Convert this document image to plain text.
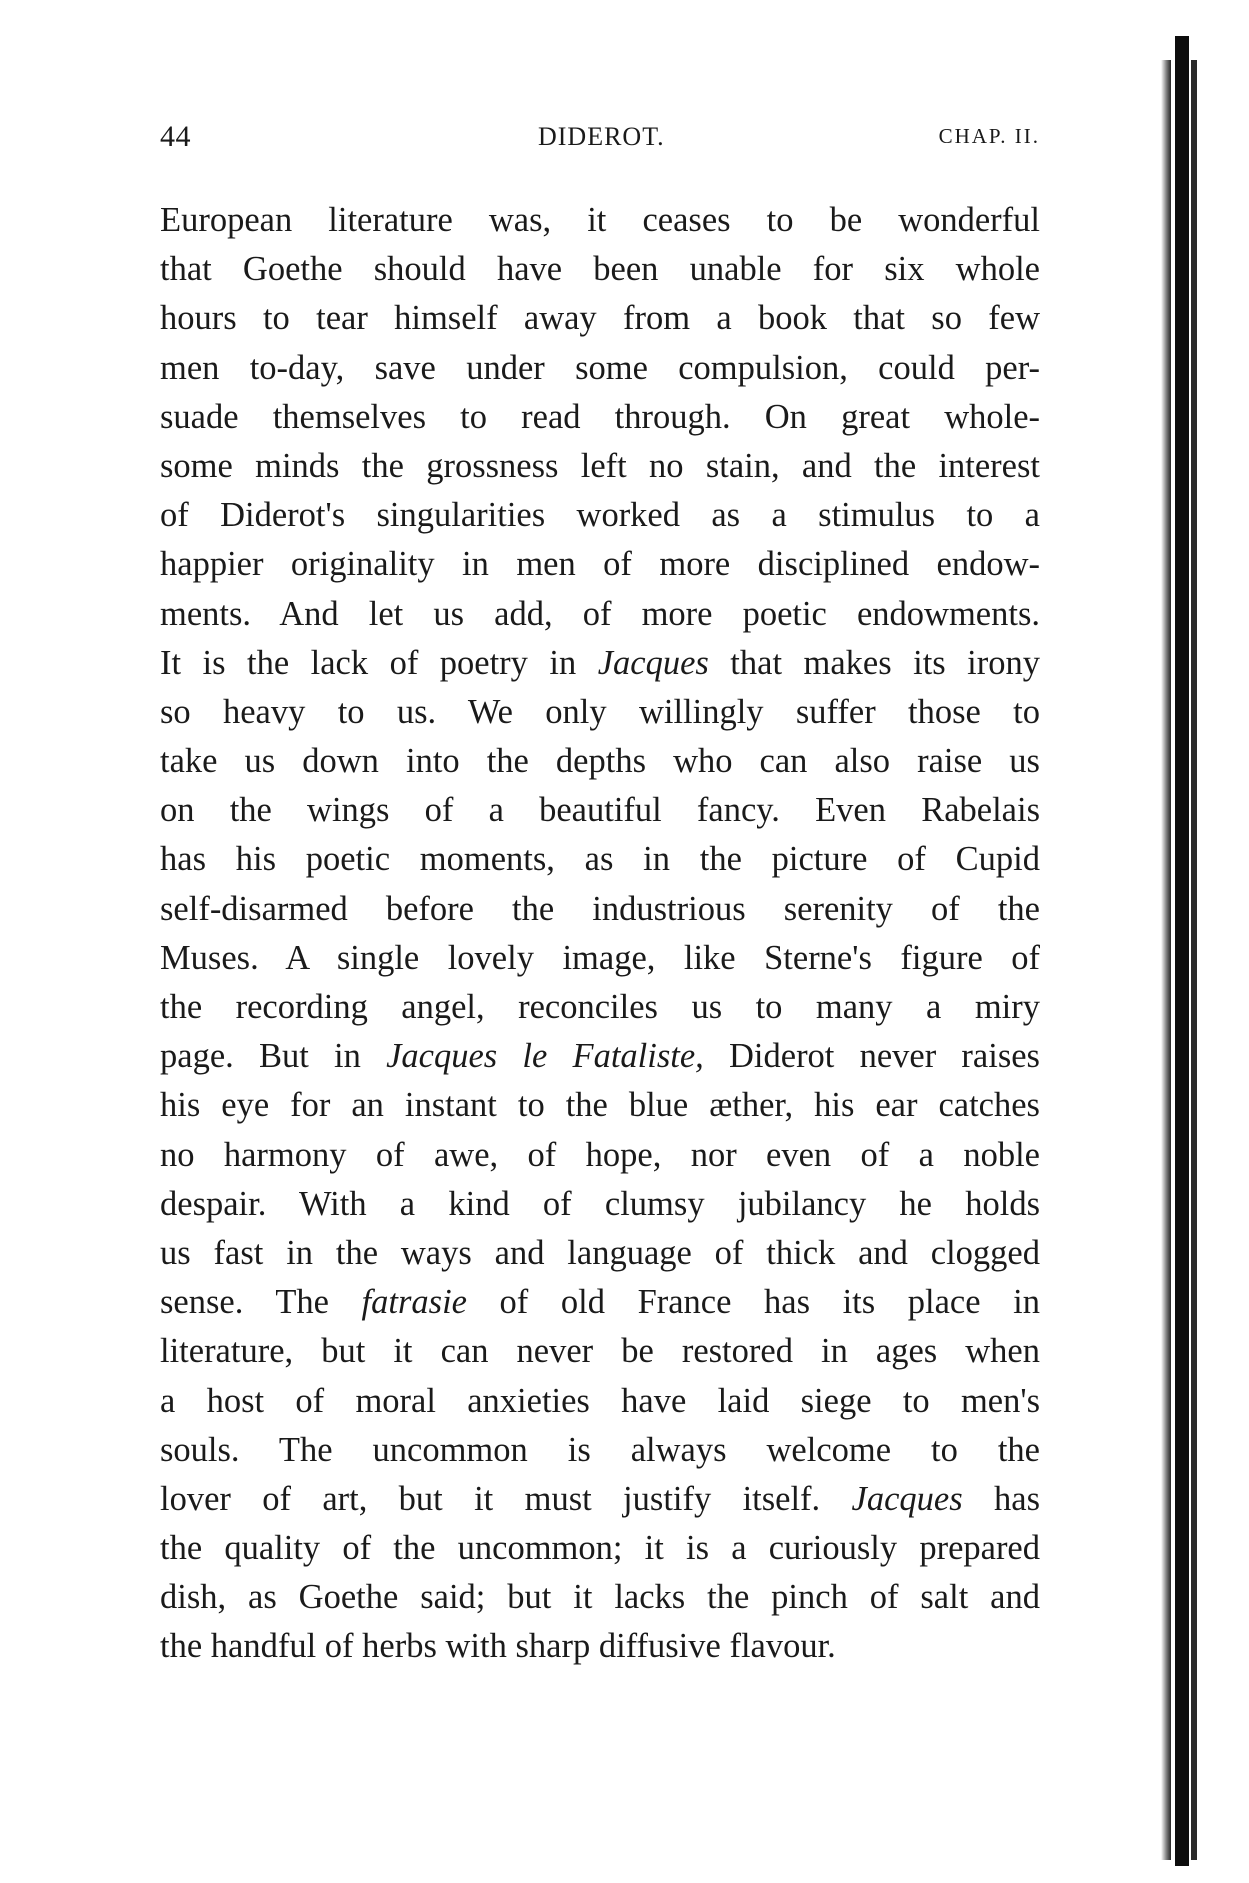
44	DIDEROT.	CHAP. II.
European literature was, it ceases to be wonderful
that Goethe should have been unable for six whole
hours to tear himself away from a book that so few
men to-day, save under some compulsion, could per-
suade themselves to read through. On great whole-
some minds the grossness left no stain, and the interest
of Diderot's singularities worked as a stimulus to a
happier originality in men of more disciplined endow-
ments. And let us add, of more poetic endowments.
It is the lack of poetry in Jacques that makes its irony
so heavy to us. We only willingly suffer those to
take us down into the depths who can also raise us
on the wings of a beautiful fancy. Even Rabelais
has his poetic moments, as in the picture of Cupid
self-disarmed before the industrious serenity of the
Muses. A single lovely image, like Sterne's figure of
the recording angel, reconciles us to many a miry
page. But in Jacques le Fataliste, Diderot never raises
his eye for an instant to the blue æther, his ear catches
no harmony of awe, of hope, nor even of a noble
despair. With a kind of clumsy jubilancy he holds
us fast in the ways and language of thick and clogged
sense. The fatrasie of old France has its place in
literature, but it can never be restored in ages when
a host of moral anxieties have laid siege to men's
souls. The uncommon is always welcome to the
lover of art, but it must justify itself. Jacques has
the quality of the uncommon; it is a curiously prepared
dish, as Goethe said; but it lacks the pinch of salt and
the handful of herbs with sharp diffusive flavour.
